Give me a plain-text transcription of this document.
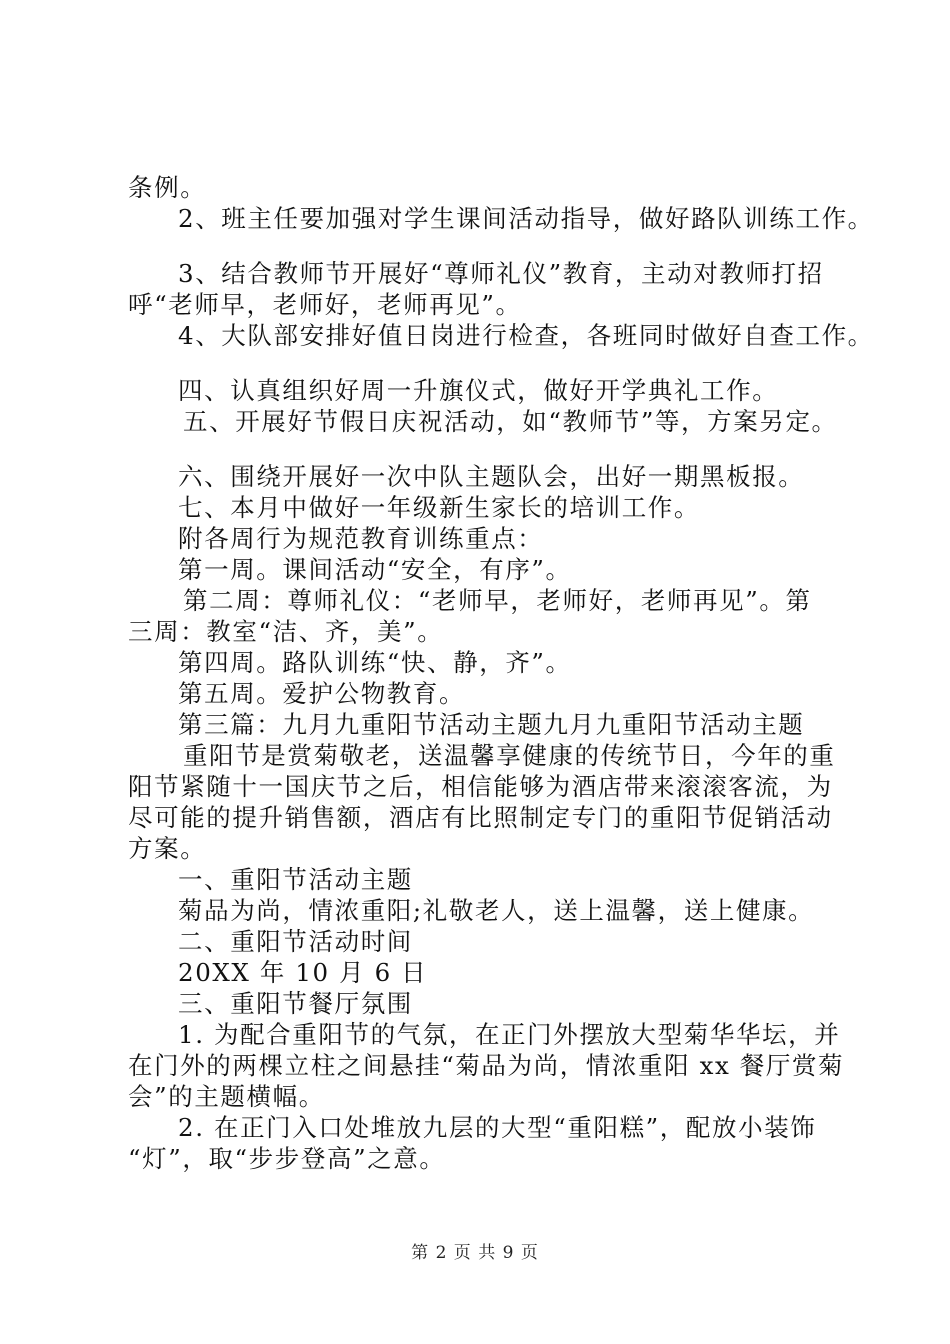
条例。
2、班主任要加强对学生课间活动指导，做好路队训练工作。
3、结合教师节开展好“尊师礼仪”教育，主动对教师打招
呼“老师早，老师好，老师再见”。
4、大队部安排好值日岗进行检查，各班同时做好自查工作。
四、认真组织好周一升旗仪式，做好开学典礼工作。
五、开展好节假日庆祝活动，如“教师节”等，方案另定。
六、围绕开展好一次中队主题队会，出好一期黑板报。
七、本月中做好一年级新生家长的培训工作。
附各周行为规范教育训练重点：
第一周。课间活动“安全，有序”。
第二周：尊师礼仪：“老师早，老师好，老师再见”。第
三周：教室“洁、齐，美”。
第四周。路队训练“快、静，齐”。
第五周。爱护公物教育。
第三篇：九月九重阳节活动主题九月九重阳节活动主题
重阳节是赏菊敬老，送温馨享健康的传统节日，今年的重
阳节紧随十一国庆节之后，相信能够为酒店带来滚滚客流，为
尽可能的提升销售额，酒店有比照制定专门的重阳节促销活动
方案。
一、重阳节活动主题
菊品为尚，情浓重阳;礼敬老人，送上温馨，送上健康。
二、重阳节活动时间
20XX 年 10 月 6 日
三、重阳节餐厅氛围
1. 为配合重阳节的气氛，在正门外摆放大型菊华华坛，并
在门外的两棵立柱之间悬挂“菊品为尚，情浓重阳 xx 餐厅赏菊
会”的主题横幅。
2. 在正门入口处堆放九层的大型“重阳糕”，配放小装饰
“灯”，取“步步登高”之意。
第 2 页 共 9 页
